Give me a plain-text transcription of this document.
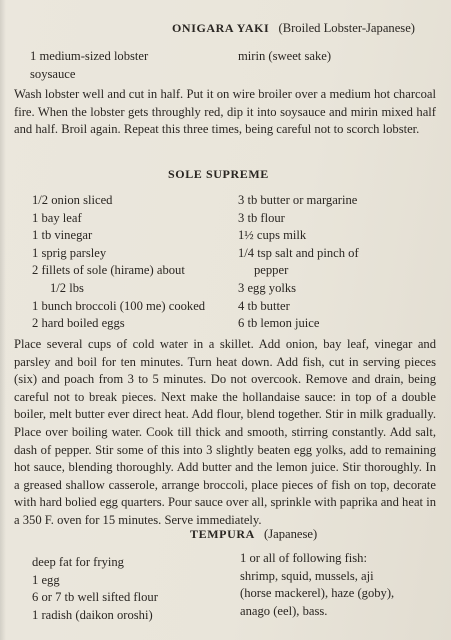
ONIGARA YAKI (Broiled Lobster-Japanese)
1 medium-sized lobster
soysauce
mirin (sweet sake)
Wash lobster well and cut in half. Put it on wire broiler over a medium hot charcoal fire. When the lobster gets throughly red, dip it into soysauce and mirin mixed half and half. Broil again. Repeat this three times, being careful not to scorch lobster.
SOLE SUPREME
1/2 onion sliced
1 bay leaf
1 tb vinegar
1 sprig parsley
2 fillets of sole (hirame) about
1/2 lbs
1 bunch broccoli (100 me) cooked
2 hard boiled eggs
3 tb butter or margarine
3 tb flour
1½ cups milk
1/4 tsp salt and pinch of
pepper
3 egg yolks
4 tb butter
6 tb lemon juice
Place several cups of cold water in a skillet. Add onion, bay leaf, vinegar and parsley and boil for ten minutes. Turn heat down. Add fish, cut in serving pieces (six) and poach from 3 to 5 minutes. Do not overcook. Remove and drain, being careful not to break pieces. Next make the hollandaise sauce: in top of a double boiler, melt butter ever direct heat. Add flour, blend together. Stir in milk gradually. Place over boiling water. Cook till thick and smooth, stirring constantly. Add salt, dash of pepper. Stir some of this into 3 slightly beaten egg yolks, add to remaining hot sauce, blending thoroughly. Add butter and the lemon juice. Stir thoroughly. In a greased shallow casserole, arrange broccoli, place pieces of fish on top, decorate with hard bolied egg quarters. Pour sauce over all, sprinkle with paprika and heat in a 350 F. oven for 15 minutes. Serve immediately.
TEMPURA (Japanese)
deep fat for frying
1 egg
6 or 7 tb well sifted flour
1 radish (daikon oroshi)
1 or all of following fish:
shrimp, squid, mussels, aji
(horse mackerel), haze (goby),
anago (eel), bass.
